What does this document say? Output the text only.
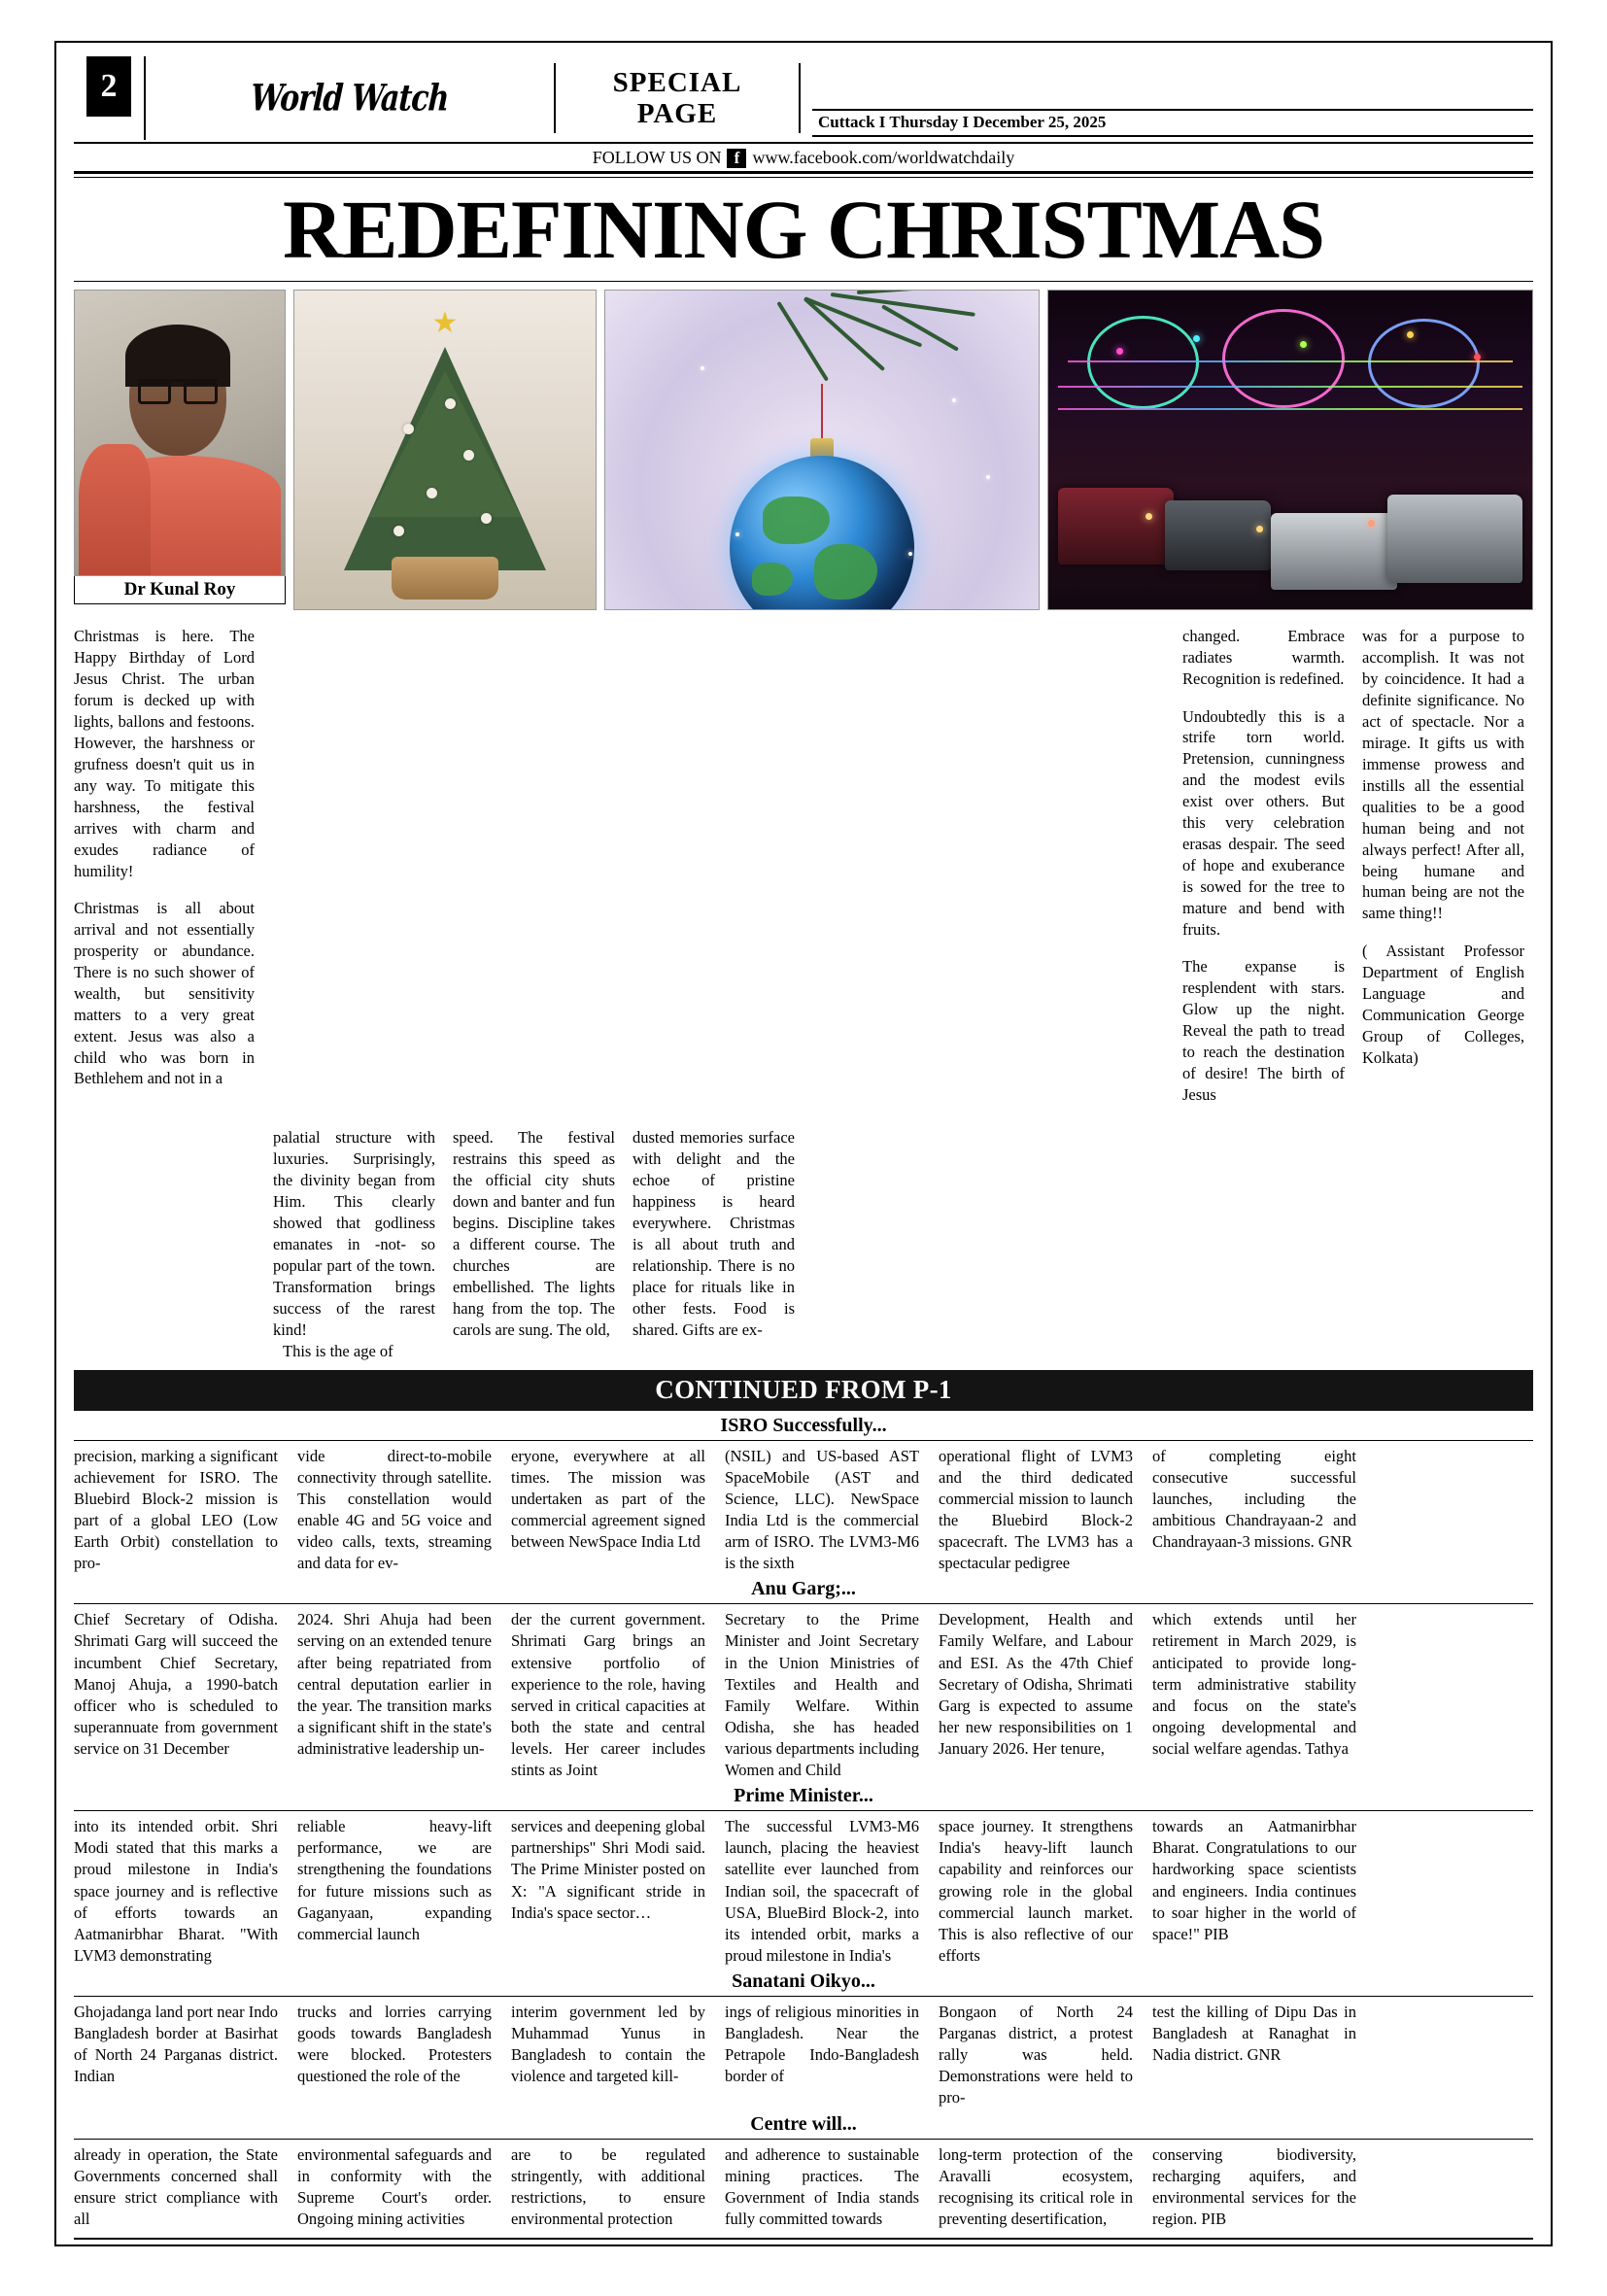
2	World Watch	SPECIAL
PAGE	Cuttack I Thursday I December 25, 2025
FOLLOW US ON f www.facebook.com/worldwatchdaily
REDEFINING CHRISTMAS
Dr Kunal Roy
★

Christmas is here. The Happy Birthday of Lord Jesus Christ. The urban forum is decked up with lights, ballons and festoons. However, the harshness or grufness doesn't quit us in any way. To mitigate this harshness, the festival arrives with charm and exudes radiance of humility!

Christmas is all about arrival and not essentially prosperity or abundance. There is no such shower of wealth, but sensitivity matters to a very great extent. Jesus was also a child who was born in Bethlehem and not in a

changed. Embrace radiates warmth. Recognition is redefined.

Undoubtedly this is a strife torn world. Pretension, cunningness and the modest evils exist over others. But this very celebration erasas despair. The seed of hope and exuberance is sowed for the tree to mature and bend with fruits.

The expanse is resplendent with stars. Glow up the night. Reveal the path to tread to reach the destination of desire! The birth of Jesus

was for a purpose to accomplish. It was not by coincidence. It had a definite significance. No act of spectacle. Nor a mirage. It gifts us with immense prowess and instills all the essential qualities to be a good human being and not always perfect! After all, being humane and human being are not the same thing!!

( Assistant Professor Department of English Language and Communication George Group of Colleges, Kolkata)

palatial structure with luxuries. Surprisingly, the divinity began from Him. This clearly showed that godliness emanates in -not- so popular part of the town. Transformation brings success of the rarest kind!

This is the age of

speed. The festival restrains this speed as the official city shuts down and banter and fun begins. Discipline takes a different course. The churches are embellished. The lights hang from the top. The carols are sung. The old,

dusted memories surface with delight and the echoe of pristine happiness is heard everywhere. Christmas is all about truth and relationship. There is no place for rituals like in other fests. Food is shared. Gifts are ex-

CONTINUED FROM P-1
ISRO Successfully...
precision, marking a significant achievement for ISRO. The Bluebird Block-2 mission is part of a global LEO (Low Earth Orbit) constellation to pro-
vide direct-to-mobile connectivity through satellite. This constellation would enable 4G and 5G voice and video calls, texts, streaming and data for ev-
eryone, everywhere at all times. The mission was undertaken as part of the commercial agreement signed between NewSpace India Ltd
(NSIL) and US-based AST SpaceMobile (AST and Science, LLC). NewSpace India Ltd is the commercial arm of ISRO. The LVM3-M6 is the sixth
operational flight of LVM3 and the third dedicated commercial mission to launch the Bluebird Block-2 spacecraft. The LVM3 has a spectacular pedigree
of completing eight consecutive successful launches, including the ambitious Chandrayaan-2 and Chandrayaan-3 missions. GNR
Anu Garg;...
Chief Secretary of Odisha. Shrimati Garg will succeed the incumbent Chief Secretary, Manoj Ahuja, a 1990-batch officer who is scheduled to superannuate from government service on 31 December
2024. Shri Ahuja had been serving on an extended tenure after being repatriated from central deputation earlier in the year. The transition marks a significant shift in the state's administrative leadership un-
der the current government. Shrimati Garg brings an extensive portfolio of experience to the role, having served in critical capacities at both the state and central levels. Her career includes stints as Joint
Secretary to the Prime Minister and Joint Secretary in the Union Ministries of Textiles and Health and Family Welfare. Within Odisha, she has headed various departments including Women and Child
Development, Health and Family Welfare, and Labour and ESI. As the 47th Chief Secretary of Odisha, Shrimati Garg is expected to assume her new responsibilities on 1 January 2026. Her tenure,
which extends until her retirement in March 2029, is anticipated to provide long-term administrative stability and focus on the state's ongoing developmental and social welfare agendas. Tathya
Prime Minister...
into its intended orbit. Shri Modi stated that this marks a proud milestone in India's space journey and is reflective of efforts towards an Aatmanirbhar Bharat. "With LVM3 demonstrating
reliable heavy-lift performance, we are strengthening the foundations for future missions such as Gaganyaan, expanding commercial launch
services and deepening global partnerships" Shri Modi said. The Prime Minister posted on X: "A significant stride in India's space sector…
The successful LVM3-M6 launch, placing the heaviest satellite ever launched from Indian soil, the spacecraft of USA, BlueBird Block-2, into its intended orbit, marks a proud milestone in India's
space journey. It strengthens India's heavy-lift launch capability and reinforces our growing role in the global commercial launch market. This is also reflective of our efforts
towards an Aatmanirbhar Bharat. Congratulations to our hardworking space scientists and engineers. India continues to soar higher in the world of space!" PIB
Sanatani Oikyo...
Ghojadanga land port near Indo Bangladesh border at Basirhat of North 24 Parganas district. Indian
trucks and lorries carrying goods towards Bangladesh were blocked. Protesters questioned the role of the
interim government led by Muhammad Yunus in Bangladesh to contain the violence and targeted kill-
ings of religious minorities in Bangladesh. Near the Petrapole Indo-Bangladesh border of
Bongaon of North 24 Parganas district, a protest rally was held. Demonstrations were held to pro-
test the killing of Dipu Das in Bangladesh at Ranaghat in Nadia district. GNR
Centre will...
already in operation, the State Governments concerned shall ensure strict compliance with all
environmental safeguards and in conformity with the Supreme Court's order. Ongoing mining activities
are to be regulated stringently, with additional restrictions, to ensure environmental protection
and adherence to sustainable mining practices. The Government of India stands fully committed towards
long-term protection of the Aravalli ecosystem, recognising its critical role in preventing desertification,
conserving biodiversity, recharging aquifers, and environmental services for the region. PIB
